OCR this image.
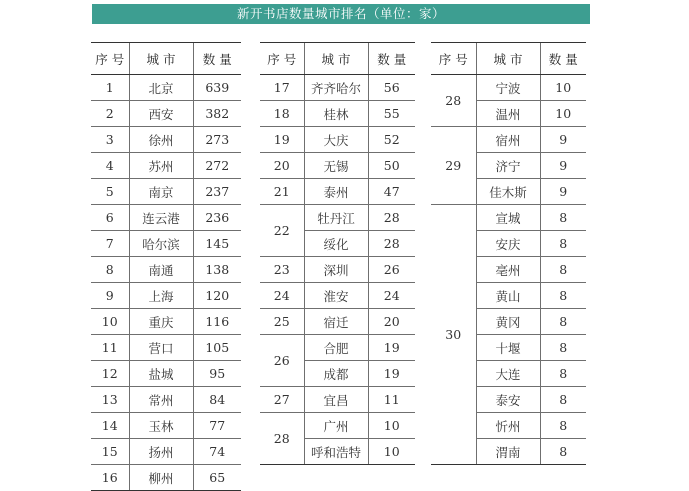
新开书店数量城市排名（单位：家）
序 号	城 市	数 量
1	北京	639
2	西安	382
3	徐州	273
4	苏州	272
5	南京	237
6	连云港	236
7	哈尔滨	145
8	南通	138
9	上海	120
10	重庆	116
11	营口	105
12	盐城	95
13	常州	84
14	玉林	77
15	扬州	74
16	柳州	65
序 号	城 市	数 量
17	齐齐哈尔	56
18	桂林	55
19	大庆	52
20	无锡	50
21	泰州	47
22	牡丹江	28
	绥化	28
23	深圳	26
24	淮安	24
25	宿迁	20
26	合肥	19
	成都	19
27	宜昌	11
28	广州	10
	呼和浩特	10
序 号	城 市	数 量
28	宁波	10
	温州	10
29	宿州	9
	济宁	9
	佳木斯	9
30	宣城	8
	安庆	8
	亳州	8
	黄山	8
	黄冈	8
	十堰	8
	大连	8
	泰安	8
	忻州	8
	渭南	8
